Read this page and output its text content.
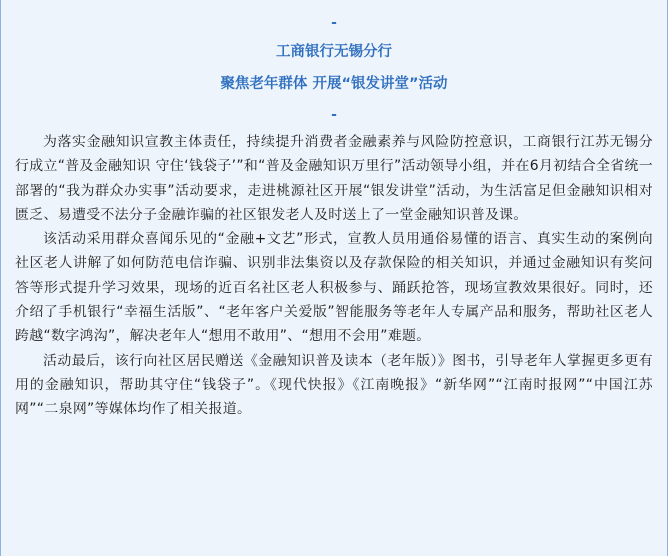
-
工商银行无锡分行
聚焦老年群体 开展“银发讲堂”活动
-

为落实金融知识宣教主体责任，持续提升消费者金融素养与风险防控意识，工商银行江苏无锡分行成立“普及金融知识 守住‘钱袋子’”和“普及金融知识万里行”活动领导小组，并在6月初结合全省统一部署的“我为群众办实事”活动要求，走进桃源社区开展“银发讲堂”活动，为生活富足但金融知识相对匮乏、易遭受不法分子金融诈骗的社区银发老人及时送上了一堂金融知识普及课。

该活动采用群众喜闻乐见的“金融+文艺”形式，宣教人员用通俗易懂的语言、真实生动的案例向社区老人讲解了如何防范电信诈骗、识别非法集资以及存款保险的相关知识，并通过金融知识有奖问答等形式提升学习效果，现场的近百名社区老人积极参与、踊跃抢答，现场宣教效果很好。同时，还介绍了手机银行“幸福生活版”、“老年客户关爱版”智能服务等老年人专属产品和服务，帮助社区老人跨越“数字鸿沟”，解决老年人“想用不敢用”、“想用不会用”难题。

活动最后，该行向社区居民赠送《金融知识普及读本（老年版）》图书，引导老年人掌握更多更有用的金融知识，帮助其守住“钱袋子”。《现代快报》《江南晚报》“新华网”“江南时报网”“中国江苏网”“二泉网”等媒体均作了相关报道。
